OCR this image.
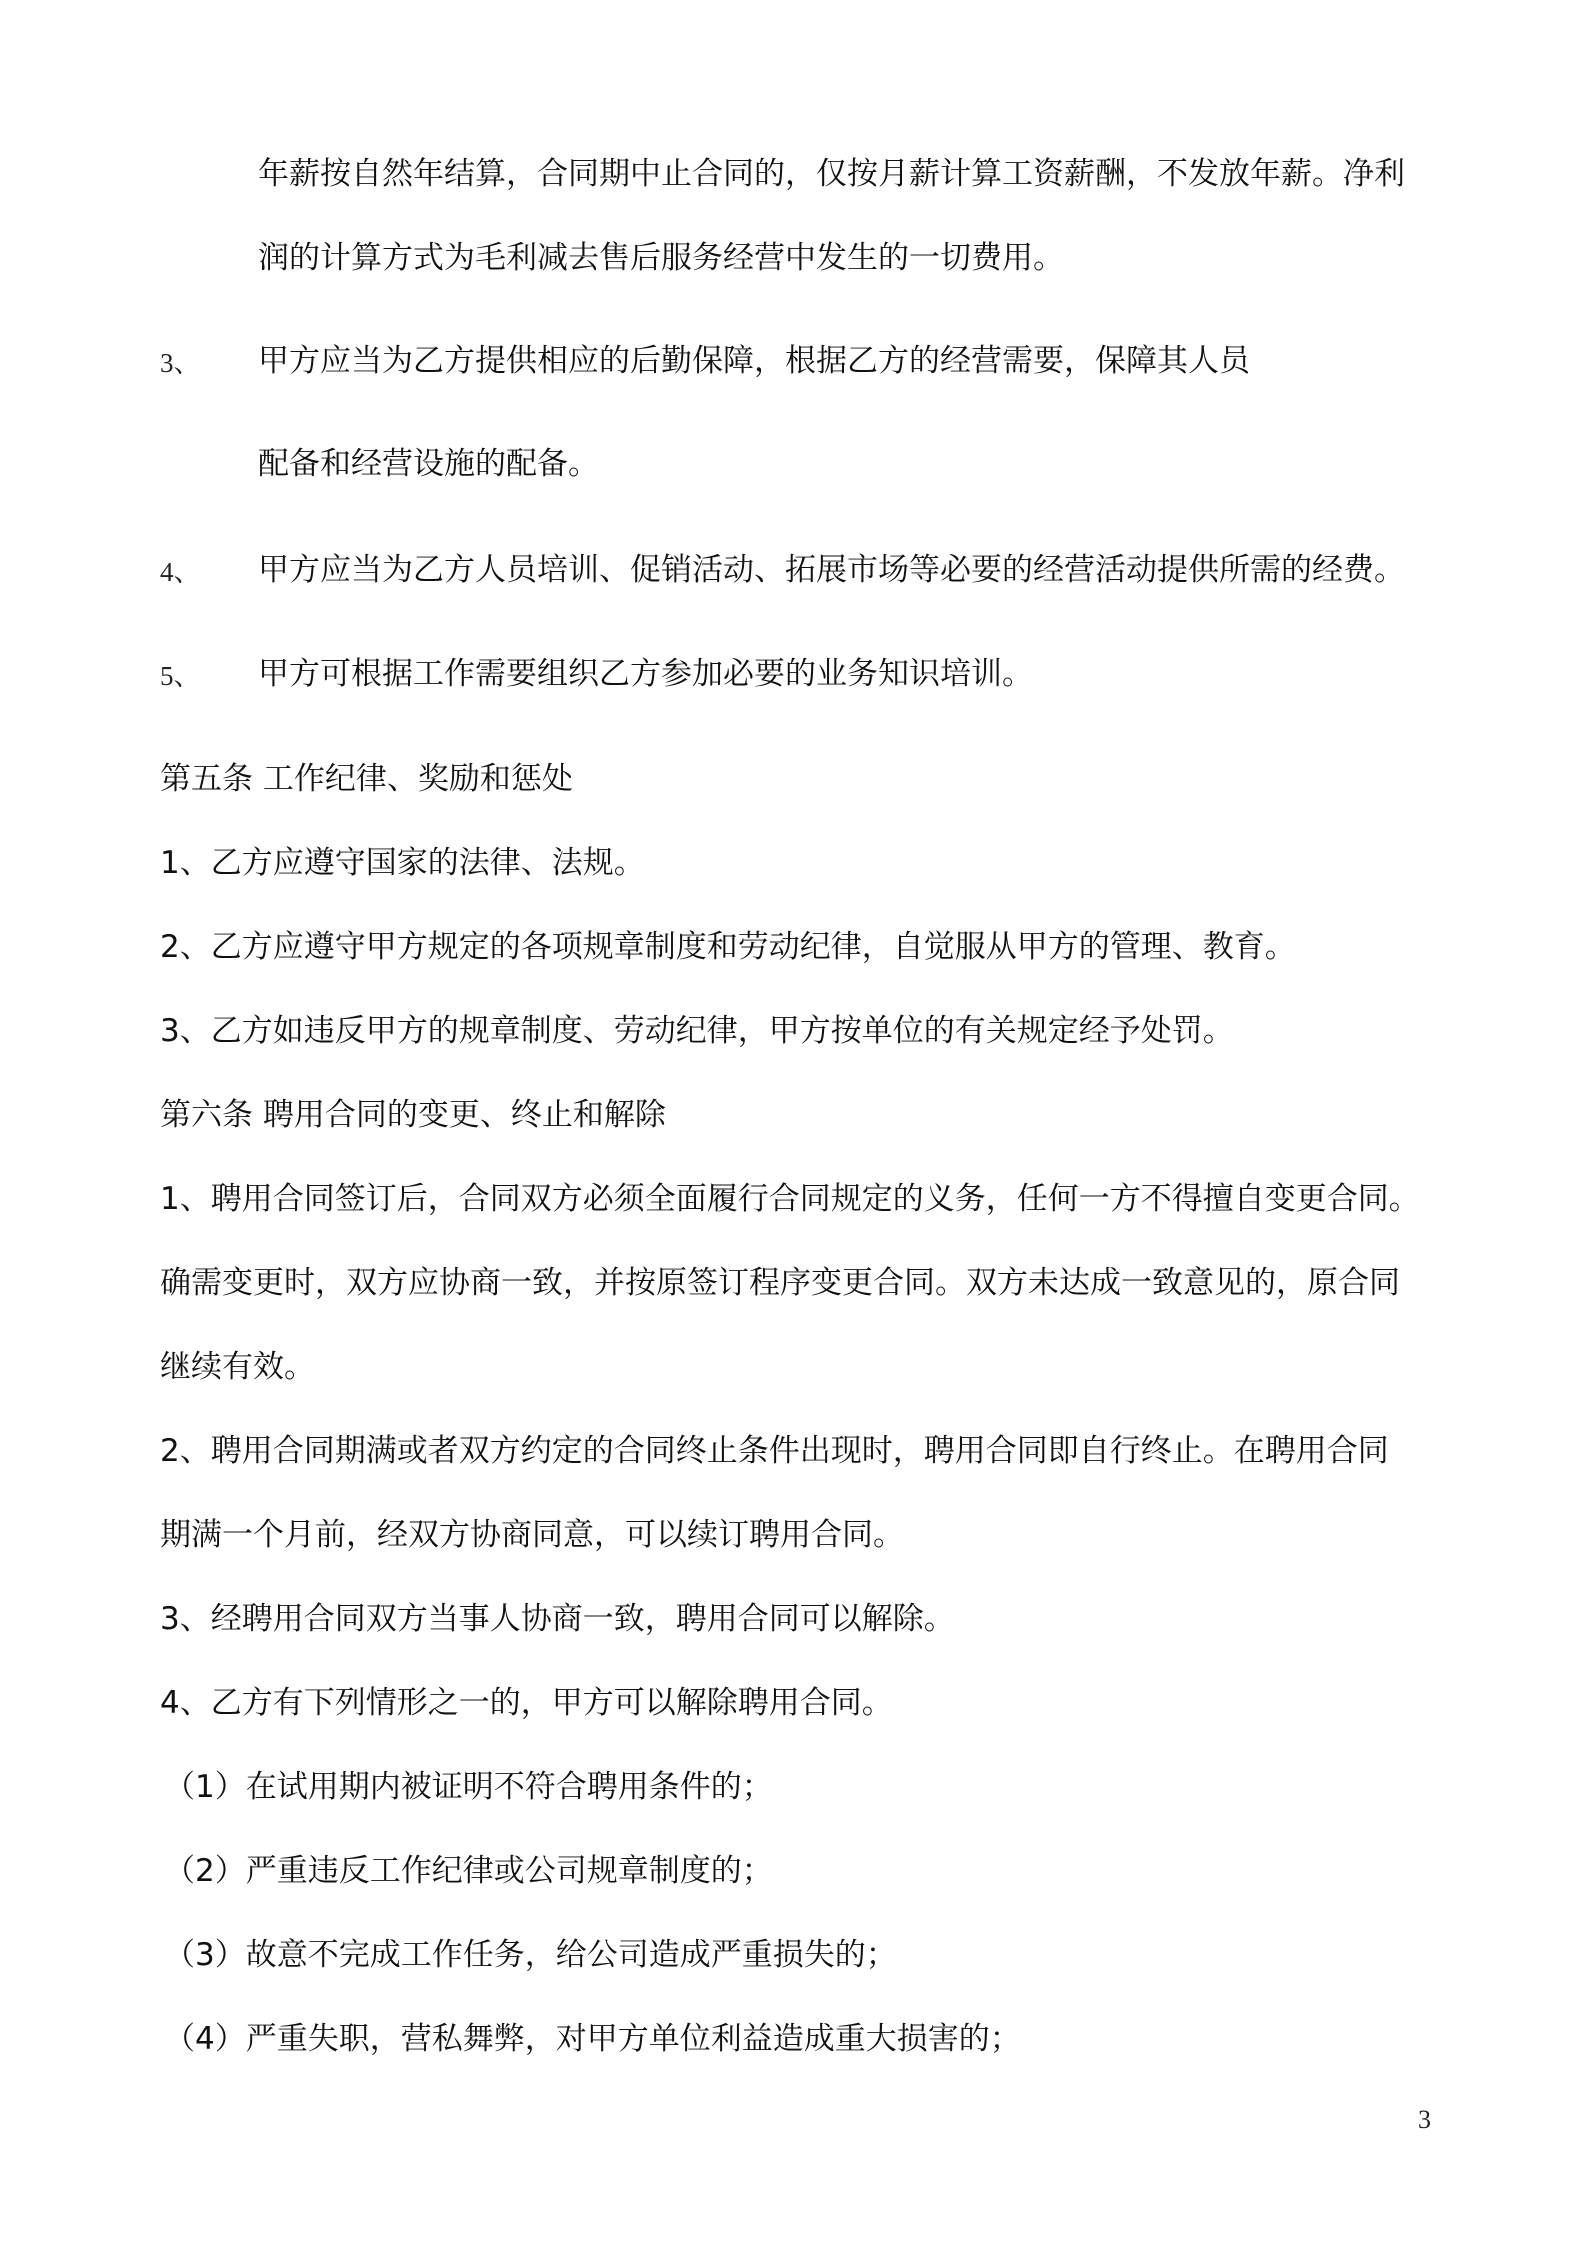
年薪按自然年结算，合同期中止合同的，仅按月薪计算工资薪酬，不发放年薪。净利
润的计算方式为毛利减去售后服务经营中发生的一切费用。
3、 甲方应当为乙方提供相应的后勤保障，根据乙方的经营需要，保障其人员
配备和经营设施的配备。
4、 甲方应当为乙方人员培训、促销活动、拓展市场等必要的经营活动提供所需的经费。
5、 甲方可根据工作需要组织乙方参加必要的业务知识培训。
第五条 工作纪律、奖励和惩处
1、乙方应遵守国家的法律、法规。
2、乙方应遵守甲方规定的各项规章制度和劳动纪律，自觉服从甲方的管理、教育。
3、乙方如违反甲方的规章制度、劳动纪律，甲方按单位的有关规定经予处罚。
第六条 聘用合同的变更、终止和解除
1、聘用合同签订后，合同双方必须全面履行合同规定的义务，任何一方不得擅自变更合同。
确需变更时，双方应协商一致，并按原签订程序变更合同。双方未达成一致意见的，原合同
继续有效。
2、聘用合同期满或者双方约定的合同终止条件出现时，聘用合同即自行终止。在聘用合同
期满一个月前，经双方协商同意，可以续订聘用合同。
3、经聘用合同双方当事人协商一致，聘用合同可以解除。
4、乙方有下列情形之一的，甲方可以解除聘用合同。
（1）在试用期内被证明不符合聘用条件的；
（2）严重违反工作纪律或公司规章制度的；
（3）故意不完成工作任务，给公司造成严重损失的；
（4）严重失职，营私舞弊，对甲方单位利益造成重大损害的；
3
